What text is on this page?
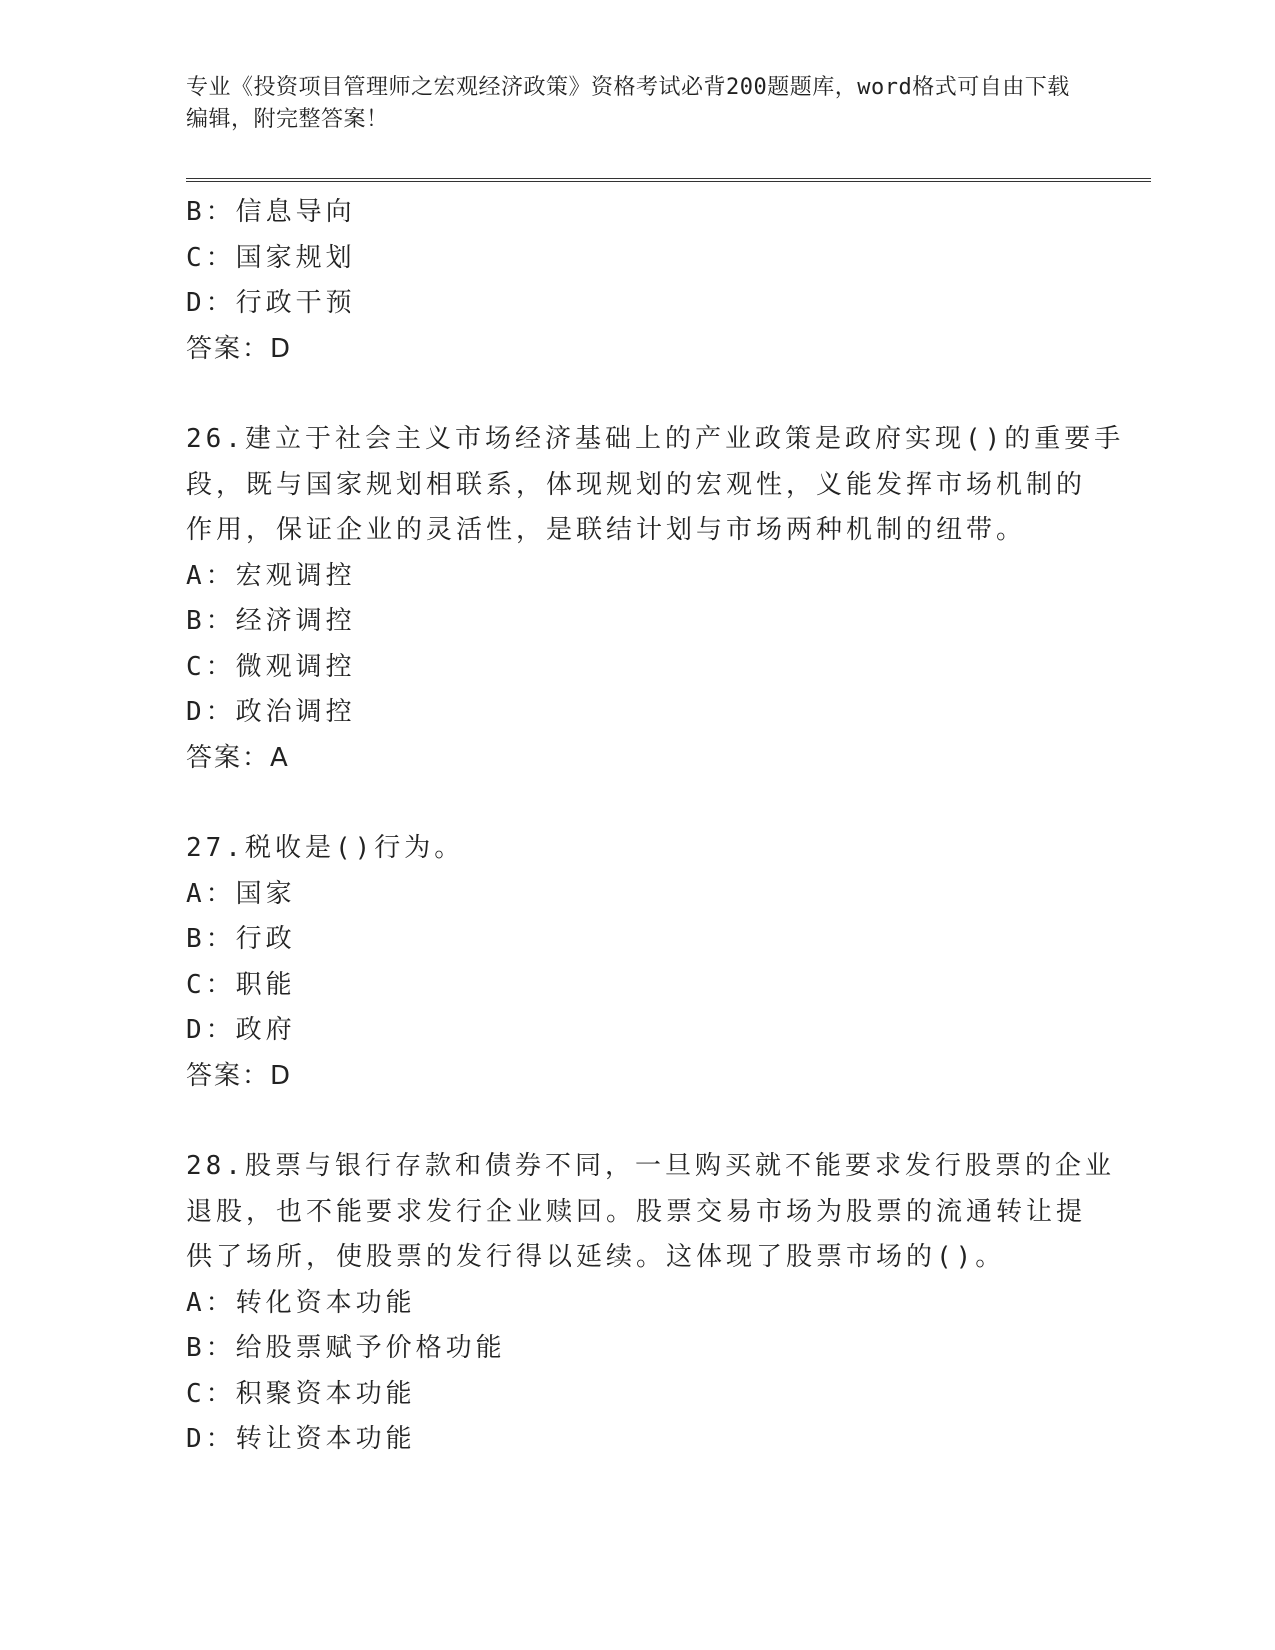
专业《投资项目管理师之宏观经济政策》资格考试必背200题题库，word格式可自由下载编辑，附完整答案！
B：信息导向
C：国家规划
D：行政干预
答案：D
26.建立于社会主义市场经济基础上的产业政策是政府实现()的重要手
段，既与国家规划相联系，体现规划的宏观性，义能发挥市场机制的
作用，保证企业的灵活性，是联结计划与市场两种机制的纽带。
A：宏观调控
B：经济调控
C：微观调控
D：政治调控
答案：A
27.税收是()行为。
A：国家
B：行政
C：职能
D：政府
答案：D
28.股票与银行存款和债券不同，一旦购买就不能要求发行股票的企业
退股，也不能要求发行企业赎回。股票交易市场为股票的流通转让提
供了场所，使股票的发行得以延续。这体现了股票市场的()。
A：转化资本功能
B：给股票赋予价格功能
C：积聚资本功能
D：转让资本功能
